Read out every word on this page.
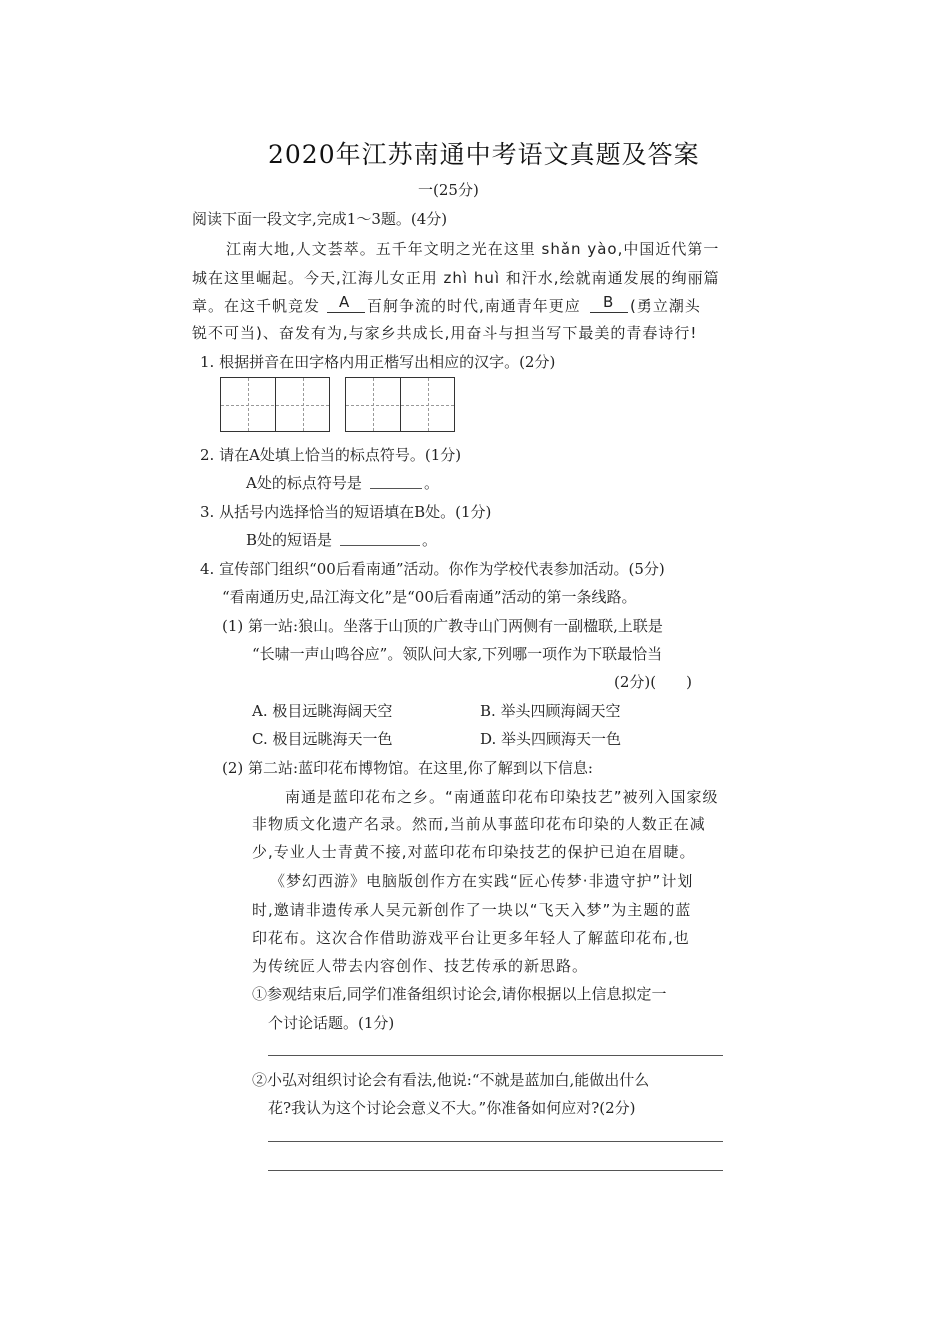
2020年江苏南通中考语文真题及答案
一(25分)
阅读下面一段文字,完成1～3题。(4分)
江南大地,人文荟萃。五千年文明之光在这里 shǎn yào,中国近代第一
城在这里崛起。今天,江海儿女正用 zhì huì 和汗水,绘就南通发展的绚丽篇
章。在这千帆竞发 A 百舸争流的时代,南通青年更应 B (勇立潮头
锐不可当)、奋发有为,与家乡共成长,用奋斗与担当写下最美的青春诗行!
1. 根据拼音在田字格内用正楷写出相应的汉字。(2分)
2. 请在A处填上恰当的标点符号。(1分)
A处的标点符号是	。
3. 从括号内选择恰当的短语填在B处。(1分)
B处的短语是	。
4. 宣传部门组织“00后看南通”活动。你作为学校代表参加活动。(5分)
“看南通历史,品江海文化”是“00后看南通”活动的第一条线路。
(1) 第一站:狼山。坐落于山顶的广教寺山门两侧有一副楹联,上联是
“长啸一声山鸣谷应”。领队问大家,下列哪一项作为下联最恰当
(2分)(　　)
A. 极目远眺海阔天空	B. 举头四顾海阔天空
C. 极目远眺海天一色	D. 举头四顾海天一色
(2) 第二站:蓝印花布博物馆。在这里,你了解到以下信息:
南通是蓝印花布之乡。“南通蓝印花布印染技艺”被列入国家级
非物质文化遗产名录。然而,当前从事蓝印花布印染的人数正在减
少,专业人士青黄不接,对蓝印花布印染技艺的保护已迫在眉睫。
《梦幻西游》电脑版创作方在实践“匠心传梦·非遗守护”计划
时,邀请非遗传承人吴元新创作了一块以“飞天入梦”为主题的蓝
印花布。这次合作借助游戏平台让更多年轻人了解蓝印花布,也
为传统匠人带去内容创作、技艺传承的新思路。
①参观结束后,同学们准备组织讨论会,请你根据以上信息拟定一
个讨论话题。(1分)
②小弘对组织讨论会有看法,他说:“不就是蓝加白,能做出什么
花?我认为这个讨论会意义不大。”你准备如何应对?(2分)
